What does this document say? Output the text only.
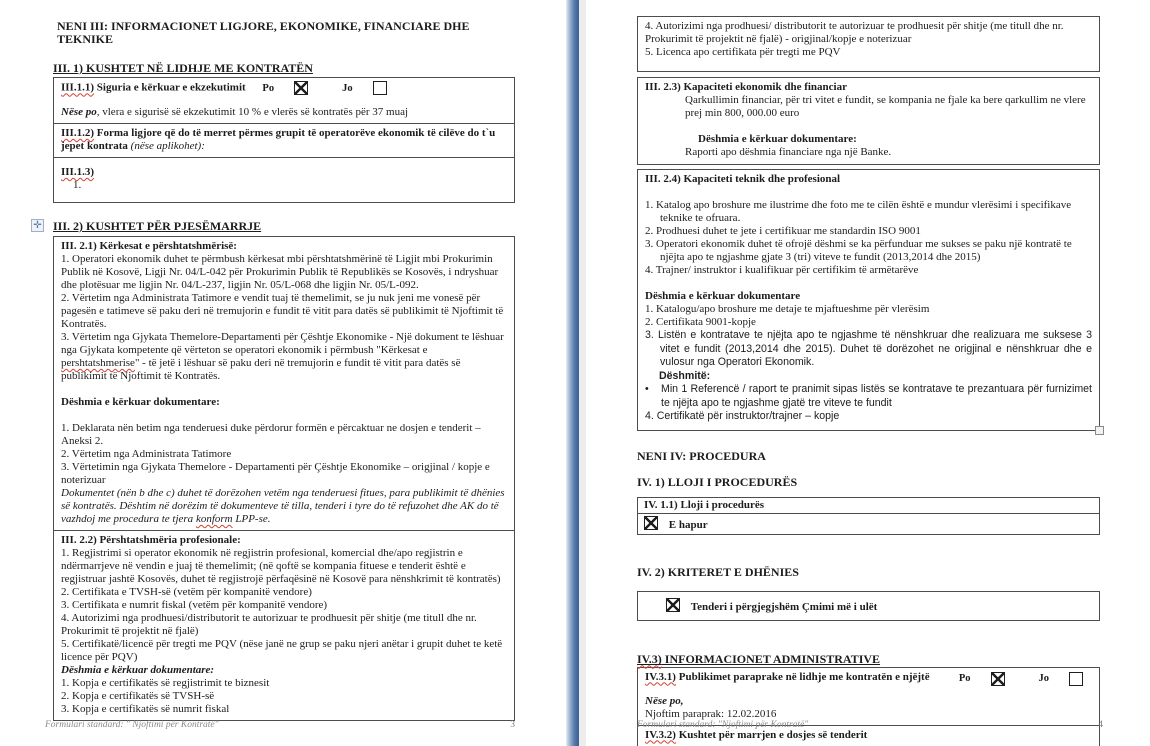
NENI III: INFORMACIONET LIGJORE, EKONOMIKE, FINANCIARE DHE TEKNIKE
III. 1) KUSHTET NË LIDHJE ME KONTRATËN
III.1.1) Siguria e kërkuar e ekzekutimit Po	Jo
Nëse po, vlera e sigurisë së ekzekutimit 10 % e vlerës së kontratës për 37 muaj
III.1.2) Forma ligjore që do të merret përmes grupit të operatorëve ekonomik të cilëve do t`u jepet kontrata (nëse aplikohet):
III.1.3)
1.
✛ III. 2) KUSHTET PËR PJESËMARRJE
III. 2.1) Kërkesat e përshtatshmërisë:
1. Operatori ekonomik duhet te përmbush kërkesat mbi përshtatshmërinë të Ligjit mbi Prokurimin Publik në Kosovë, Ligji Nr. 04/L-042 për Prokurimin Publik të Republikës se Kosovës, i ndryshuar dhe plotësuar me ligjin Nr. 04/L-237, ligjin Nr. 05/L-068 dhe ligjin Nr. 05/L-092.
2. Vërtetim nga Administrata Tatimore e vendit tuaj të themelimit, se ju nuk jeni me vonesë për pagesën e tatimeve së paku deri në tremujorin e fundit të vitit para datës së publikimit të Njoftimit të Kontratës.
3. Vërtetim nga Gjykata Themelore-Departamenti për Çështje Ekonomike - Një dokument te lëshuar nga Gjykata kompetente që vërteton se operatori ekonomik i përmbush "Kërkesat e pershtatshmerise" - të jetë i lëshuar së paku deri në tremujorin e fundit të vitit para datës së publikimit të Njoftimit të Kontratës.
Dëshmia e kërkuar dokumentare:
1. Deklarata nën betim nga tenderuesi duke përdorur formën e përcaktuar ne dosjen e tenderit – Aneksi 2.
2. Vërtetim nga Administrata Tatimore
3. Vërtetimin nga Gjykata Themelore - Departamenti për Çështje Ekonomike – origjinal / kopje e noterizuar
Dokumentet (nën b dhe c) duhet të dorëzohen vetëm nga tenderuesi fitues, para publikimit të dhënies së kontratës. Dështim në dorëzim të dokumenteve të tilla, tenderi i tyre do të refuzohet dhe AK do të vazhdoj me procedura te tjera konform LPP-se.
III. 2.2) Përshtatshmëria profesionale:
1. Regjistrimi si operator ekonomik në regjistrin profesional, komercial dhe/apo regjistrin e ndërmarrjeve në vendin e juaj të themelimit; (në qoftë se kompania fituese e tenderit është e regjistruar jashtë Kosovës, duhet të regjistrojë përfaqësinë në Kosovë para nënshkrimit të kontratës)
2. Certifikata e TVSH-së (vetëm për kompanitë vendore)
3. Certifikata e numrit fiskal (vetëm për kompanitë vendore)
4. Autorizimi nga prodhuesi/distributorit te autorizuar te prodhuesit për shitje (me titull dhe nr. Prokurimit të projektit në fjalë)
5. Certifikatë/licencë për tregti me PQV (nëse janë ne grup se paku njeri anëtar i grupit duhet te ketë licence për PQV)
Dëshmia e kërkuar dokumentare:
1. Kopja e certifikatës së regjistrimit te biznesit
2. Kopja e certifikatës së TVSH-së
3. Kopja e certifikatës së numrit fiskal
Formulari standard: " Njoftimi për Kontratë"	3
4. Autorizimi nga prodhuesi/ distributorit te autorizuar te prodhuesit për shitje (me titull dhe nr. Prokurimit të projektit në fjalë) - origjinal/kopje e noterizuar
5. Licenca apo certifikata për tregti me PQV
III. 2.3) Kapaciteti ekonomik dhe financiar
Qarkullimin financiar, për tri vitet e fundit, se kompania ne fjale ka bere qarkullim ne vlere prej min 800, 000.00 euro
Dëshmia e kërkuar dokumentare:
Raporti apo dëshmia financiare nga një Banke.
III. 2.4) Kapaciteti teknik dhe profesional
1. Katalog apo broshure me ilustrime dhe foto me te cilën është e mundur vlerësimi i specifikave teknike te ofruara.
2. Prodhuesi duhet te jete i certifikuar me standardin ISO 9001
3. Operatori ekonomik duhet të ofrojë dëshmi se ka përfunduar me sukses se paku një kontratë te njëjta apo te ngjashme gjate 3 (tri) viteve te fundit (2013,2014 dhe 2015)
4. Trajner/ instruktor i kualifikuar për certifikim të armëtarëve
Dëshmia e kërkuar dokumentare
1. Katalogu/apo broshure me detaje te mjaftueshme për vlerësim
2. Certifikata 9001-kopje
3. Listën e kontratave te njëjta apo te ngjashme të nënshkruar dhe realizuara me suksese 3 vitet e fundit (2013,2014 dhe 2015). Duhet të dorëzohet ne origjinal e nënshkruar dhe e vulosur nga Operatori Ekonomik.
Dëshmitë:
•	Min 1 Referencë / raport te pranimit sipas listës se kontratave te prezantuara për furnizimet te njëjta apo te ngjashme gjatë tre viteve te fundit
4. Certifikatë për instruktor/trajner – kopje
NENI IV: PROCEDURA
IV. 1) LLOJI I PROCEDURËS
IV. 1.1) Lloji i procedurës
E hapur
IV. 2) KRITERET E DHËNIES
Tenderi i përgjegjshëm Çmimi më i ulët
IV.3) INFORMACIONET ADMINISTRATIVE
IV.3.1) Publikimet paraprake në lidhje me kontratën e njëjtë	Po	Jo
Nëse po,
Njoftim paraprak: 12.02.2016
IV.3.2) Kushtet për marrjen e dosjes së tenderit
Formulari standard: "Njoftimi për Kontratë"	4
